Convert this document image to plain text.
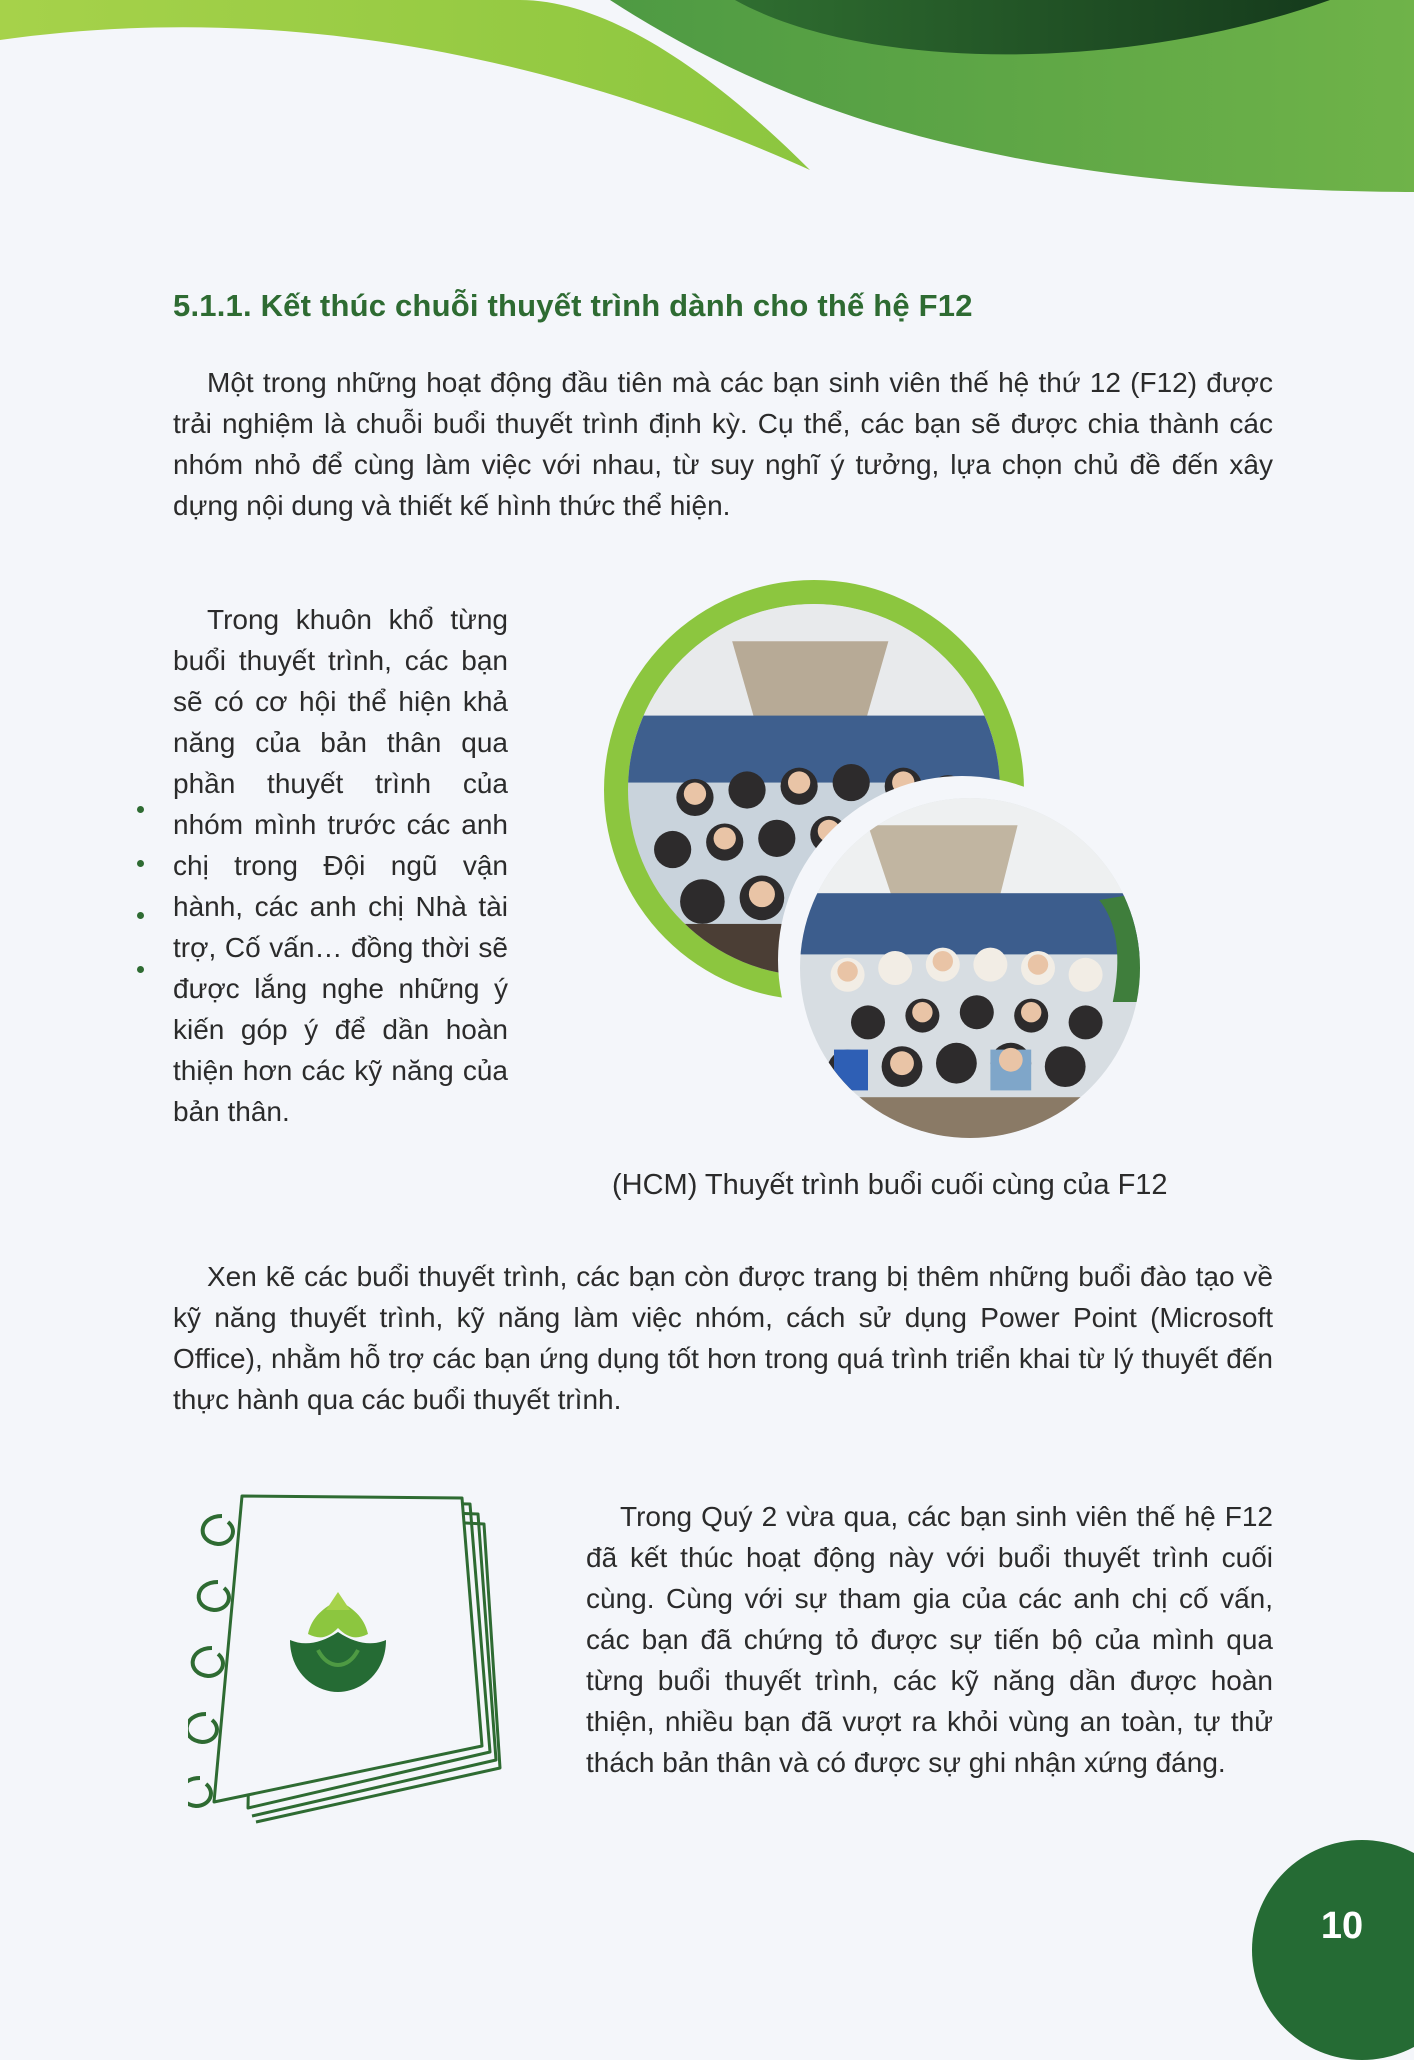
5.1.1. Kết thúc chuỗi thuyết trình dành cho thế hệ F12

Một trong những hoạt động đầu tiên mà các bạn sinh viên thế hệ thứ 12 (F12) được trải nghiệm là chuỗi buổi thuyết trình định kỳ. Cụ thể, các bạn sẽ được chia thành các nhóm nhỏ để cùng làm việc với nhau, từ suy nghĩ ý tưởng, lựa chọn chủ đề đến xây dựng nội dung và thiết kế hình thức thể hiện.

Trong khuôn khổ từng buổi thuyết trình, các bạn sẽ có cơ hội thể hiện khả năng của bản thân qua phần thuyết trình của nhóm mình trước các anh chị trong Đội ngũ vận hành, các anh chị Nhà tài trợ, Cố vấn… đồng thời sẽ được lắng nghe những ý kiến góp ý để dần hoàn thiện hơn các kỹ năng của bản thân.

(HCM) Thuyết trình buổi cuối cùng của F12

Xen kẽ các buổi thuyết trình, các bạn còn được trang bị thêm những buổi đào tạo về kỹ năng thuyết trình, kỹ năng làm việc nhóm, cách sử dụng Power Point (Microsoft Office), nhằm hỗ trợ các bạn ứng dụng tốt hơn trong quá trình triển khai từ lý thuyết đến thực hành qua các buổi thuyết trình.

Trong Quý 2 vừa qua, các bạn sinh viên thế hệ F12 đã kết thúc hoạt động này với buổi thuyết trình cuối cùng. Cùng với sự tham gia của các anh chị cố vấn, các bạn đã chứng tỏ được sự tiến bộ của mình qua từng buổi thuyết trình, các kỹ năng dần được hoàn thiện, nhiều bạn đã vượt ra khỏi vùng an toàn, tự thử thách bản thân và có được sự ghi nhận xứng đáng.

10
